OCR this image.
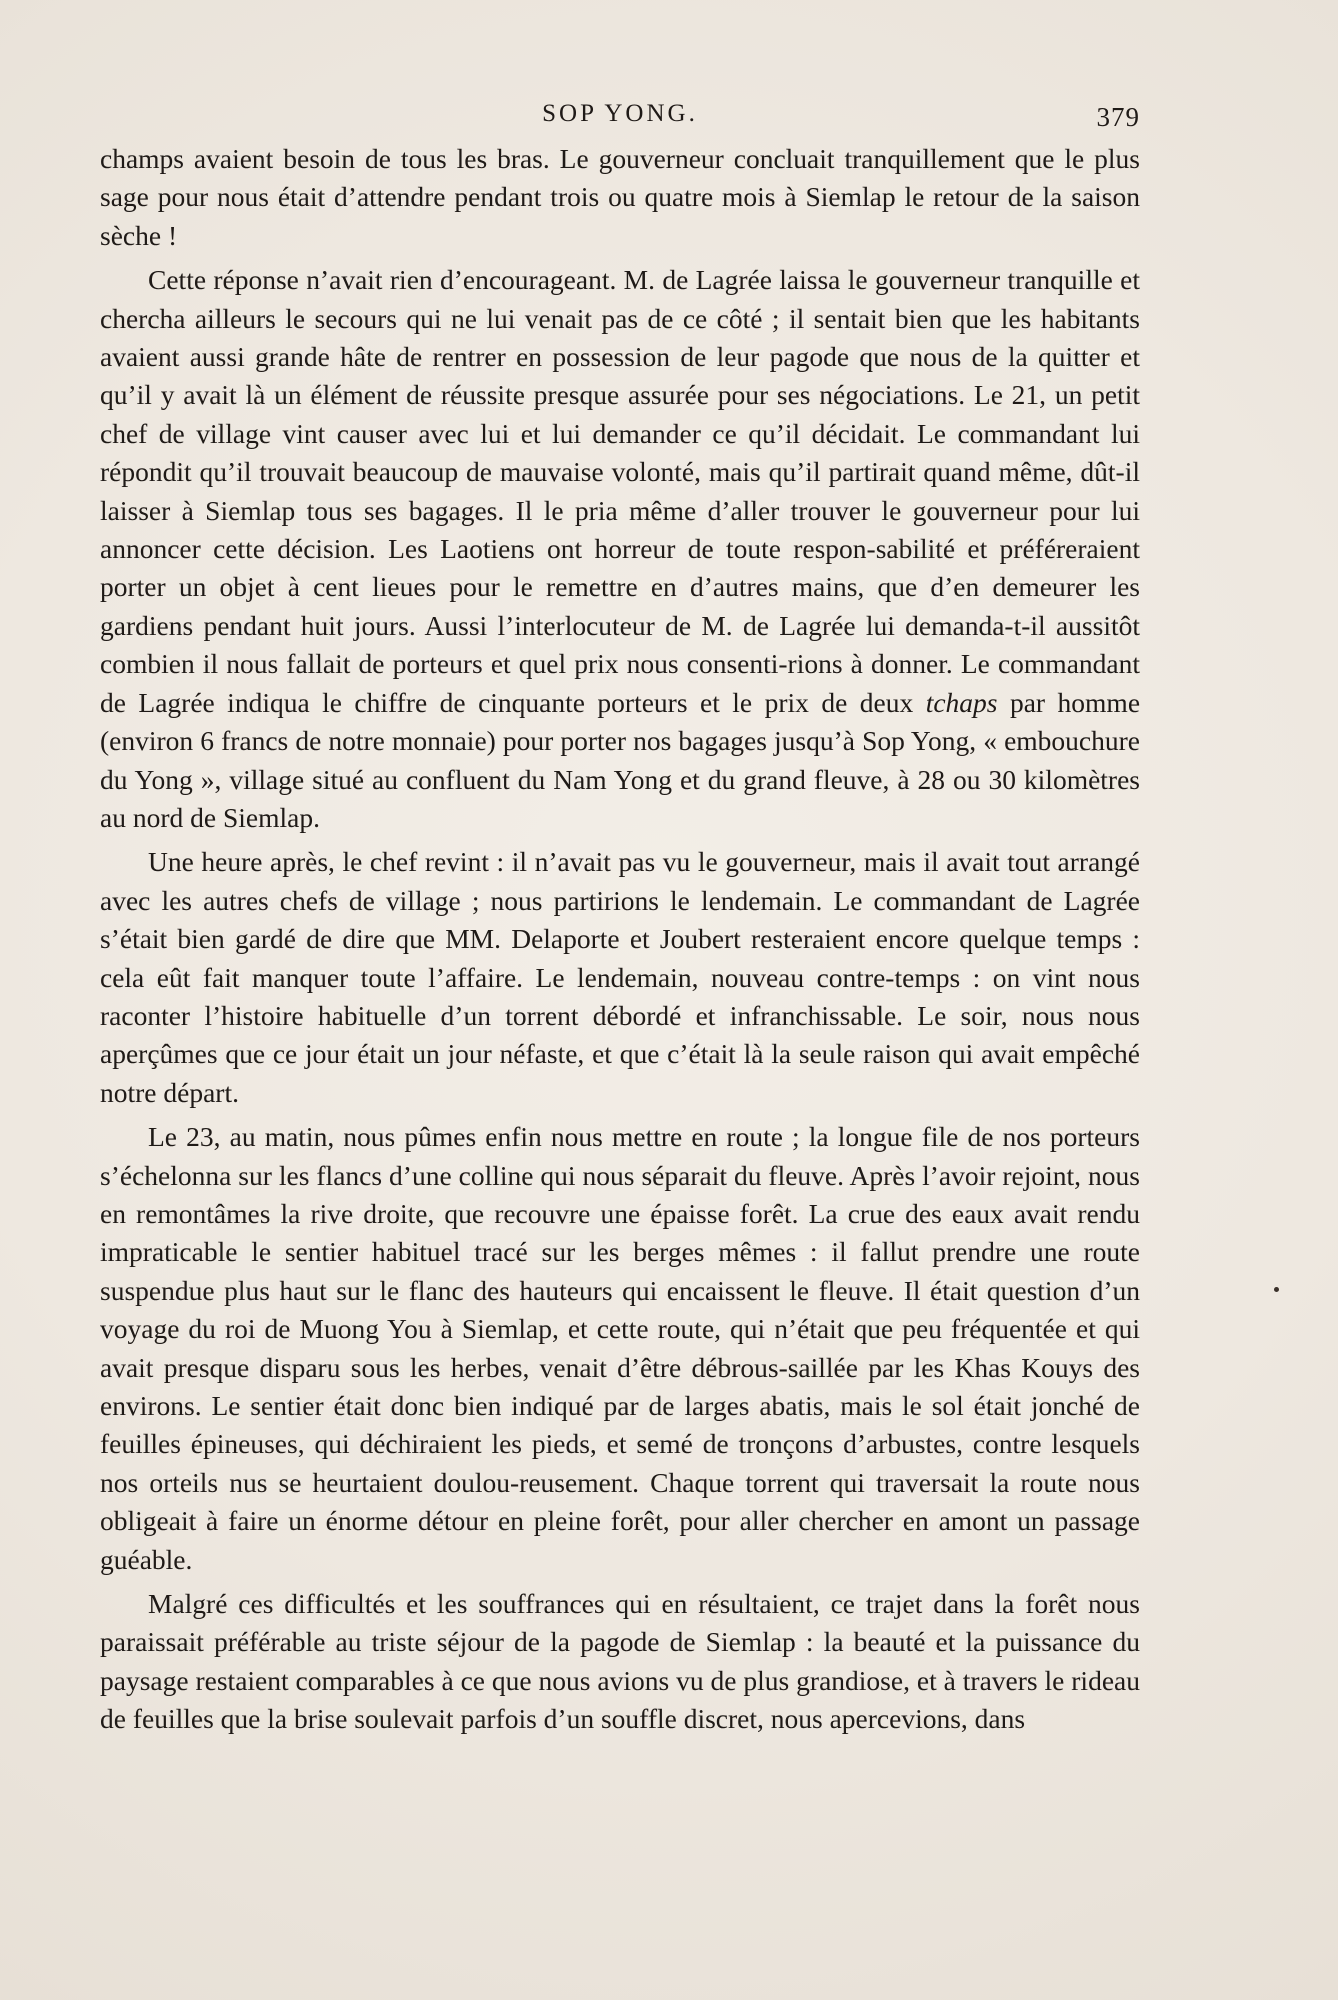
SOP YONG.	379

champs avaient besoin de tous les bras. Le gouverneur concluait tranquillement que le plus sage pour nous était d’attendre pendant trois ou quatre mois à Siemlap le retour de la saison sèche !

Cette réponse n’avait rien d’encourageant. M. de Lagrée laissa le gouverneur tranquille et chercha ailleurs le secours qui ne lui venait pas de ce côté ; il sentait bien que les habitants avaient aussi grande hâte de rentrer en possession de leur pagode que nous de la quitter et qu’il y avait là un élément de réussite presque assurée pour ses négociations. Le 21, un petit chef de village vint causer avec lui et lui demander ce qu’il décidait. Le commandant lui répondit qu’il trouvait beaucoup de mauvaise volonté, mais qu’il partirait quand même, dût-il laisser à Siemlap tous ses bagages. Il le pria même d’aller trouver le gouverneur pour lui annoncer cette décision. Les Laotiens ont horreur de toute respon-sabilité et préféreraient porter un objet à cent lieues pour le remettre en d’autres mains, que d’en demeurer les gardiens pendant huit jours. Aussi l’interlocuteur de M. de Lagrée lui demanda-t-il aussitôt combien il nous fallait de porteurs et quel prix nous consenti-rions à donner. Le commandant de Lagrée indiqua le chiffre de cinquante porteurs et le prix de deux tchaps par homme (environ 6 francs de notre monnaie) pour porter nos bagages jusqu’à Sop Yong, « embouchure du Yong », village situé au confluent du Nam Yong et du grand fleuve, à 28 ou 30 kilomètres au nord de Siemlap.

Une heure après, le chef revint : il n’avait pas vu le gouverneur, mais il avait tout arrangé avec les autres chefs de village ; nous partirions le lendemain. Le commandant de Lagrée s’était bien gardé de dire que MM. Delaporte et Joubert resteraient encore quelque temps : cela eût fait manquer toute l’affaire. Le lendemain, nouveau contre-temps : on vint nous raconter l’histoire habituelle d’un torrent débordé et infranchissable. Le soir, nous nous aperçûmes que ce jour était un jour néfaste, et que c’était là la seule raison qui avait empêché notre départ.

Le 23, au matin, nous pûmes enfin nous mettre en route ; la longue file de nos porteurs s’échelonna sur les flancs d’une colline qui nous séparait du fleuve. Après l’avoir rejoint, nous en remontâmes la rive droite, que recouvre une épaisse forêt. La crue des eaux avait rendu impraticable le sentier habituel tracé sur les berges mêmes : il fallut prendre une route suspendue plus haut sur le flanc des hauteurs qui encaissent le fleuve. Il était question d’un voyage du roi de Muong You à Siemlap, et cette route, qui n’était que peu fréquentée et qui avait presque disparu sous les herbes, venait d’être débrous-saillée par les Khas Kouys des environs. Le sentier était donc bien indiqué par de larges abatis, mais le sol était jonché de feuilles épineuses, qui déchiraient les pieds, et semé de tronçons d’arbustes, contre lesquels nos orteils nus se heurtaient doulou-reusement. Chaque torrent qui traversait la route nous obligeait à faire un énorme détour en pleine forêt, pour aller chercher en amont un passage guéable.

Malgré ces difficultés et les souffrances qui en résultaient, ce trajet dans la forêt nous paraissait préférable au triste séjour de la pagode de Siemlap : la beauté et la puissance du paysage restaient comparables à ce que nous avions vu de plus grandiose, et à travers le rideau de feuilles que la brise soulevait parfois d’un souffle discret, nous apercevions, dans
